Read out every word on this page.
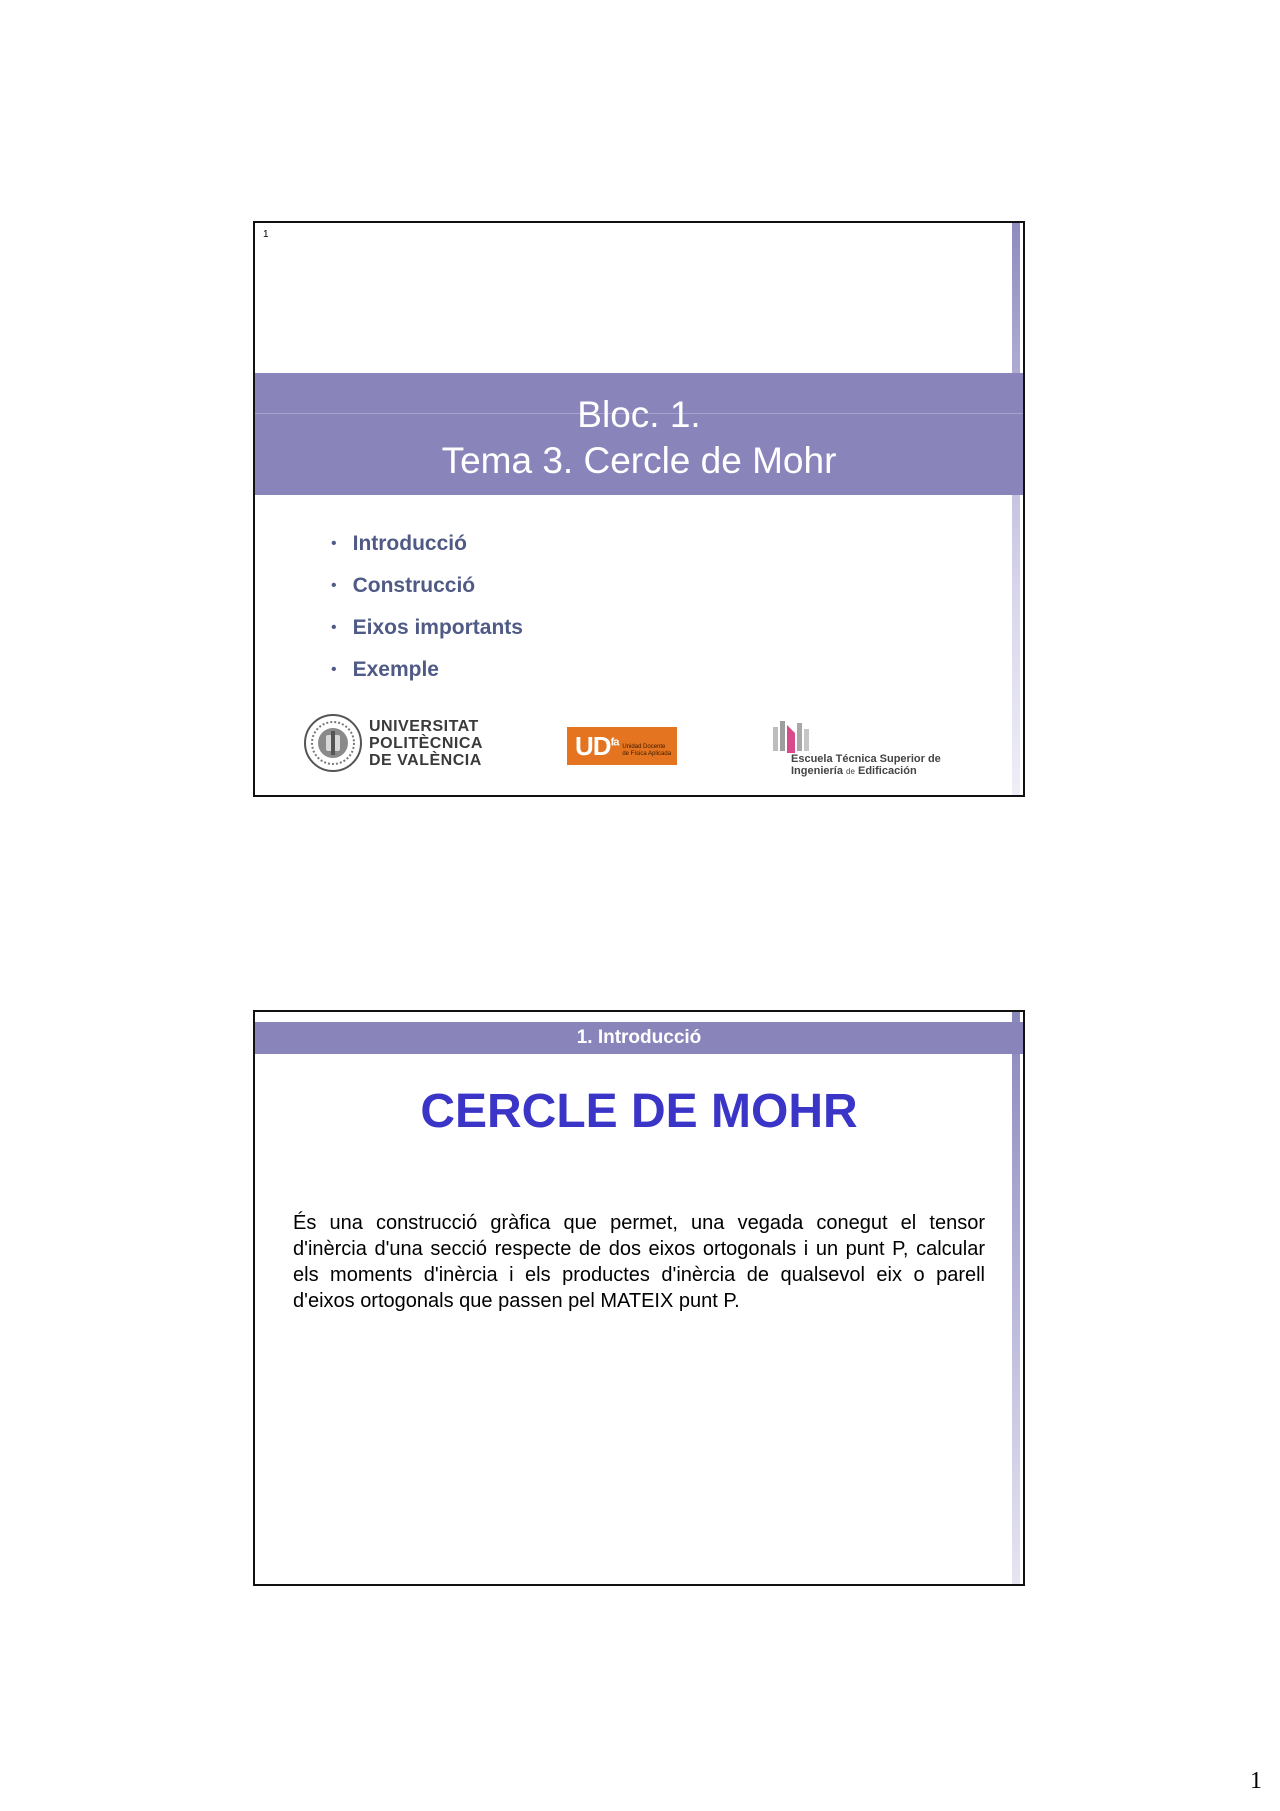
1
Bloc. 1.
Tema 3. Cercle de Mohr
• Introducció
• Construcció
• Eixos importants
• Exemple
UNIVERSITAT
POLITÈCNICA
DE VALÈNCIA	$UD^{fa}$ Unidad Docente
de Física Aplicada	Escuela Técnica Superior de
Ingeniería de Edificación
1. Introducció
CERCLE DE MOHR
És una construcció gràfica que permet, una vegada conegut el tensor d'inèrcia d'una secció respecte de dos eixos ortogonals i un punt P, calcular els moments d'inèrcia i els productes d'inèrcia de qualsevol eix o parell d'eixos ortogonals que passen pel MATEIX punt P.
1
